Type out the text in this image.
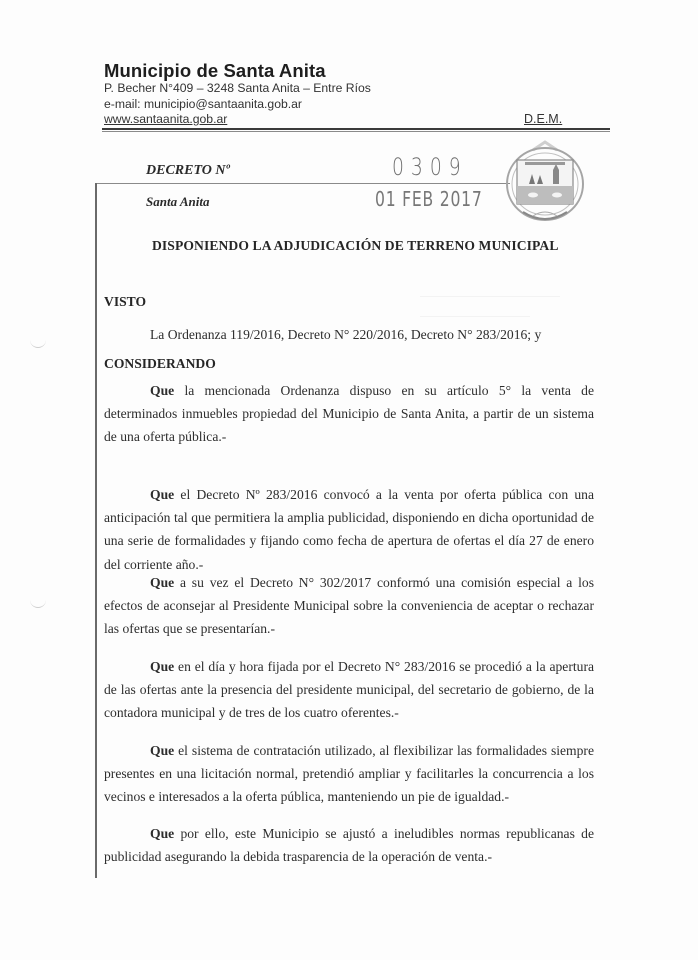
Municipio de Santa Anita
P. Becher N°409 – 3248 Santa Anita – Entre Ríos
e-mail: municipio@santaanita.gob.ar
www.santaanita.gob.ar	D.E.M.
DECRETO Nº	0309
Santa Anita	01 FEB 2017
DISPONIENDO LA ADJUDICACIÓN DE TERRENO MUNICIPAL
VISTO
La Ordenanza 119/2016, Decreto N° 220/2016, Decreto N° 283/2016; y
CONSIDERANDO
Que la mencionada Ordenanza dispuso en su artículo 5° la venta de determinados inmuebles propiedad del Municipio de Santa Anita, a partir de un sistema de una oferta pública.-
Que el Decreto Nº 283/2016 convocó a la venta por oferta pública con una anticipación tal que permitiera la amplia publicidad, disponiendo en dicha oportunidad de una serie de formalidades y fijando como fecha de apertura de ofertas el día 27 de enero del corriente año.-
Que a su vez el Decreto N° 302/2017 conformó una comisión especial a los efectos de aconsejar al Presidente Municipal sobre la conveniencia de aceptar o rechazar las ofertas que se presentarían.-
Que en el día y hora fijada por el Decreto N° 283/2016 se procedió a la apertura de las ofertas ante la presencia del presidente municipal, del secretario de gobierno, de la contadora municipal y de tres de los cuatro oferentes.-
Que el sistema de contratación utilizado, al flexibilizar las formalidades siempre presentes en una licitación normal, pretendió ampliar y facilitarles la concurrencia a los vecinos e interesados a la oferta pública, manteniendo un pie de igualdad.-
Que por ello, este Municipio se ajustó a ineludibles normas republicanas de publicidad asegurando la debida trasparencia de la operación de venta.-
